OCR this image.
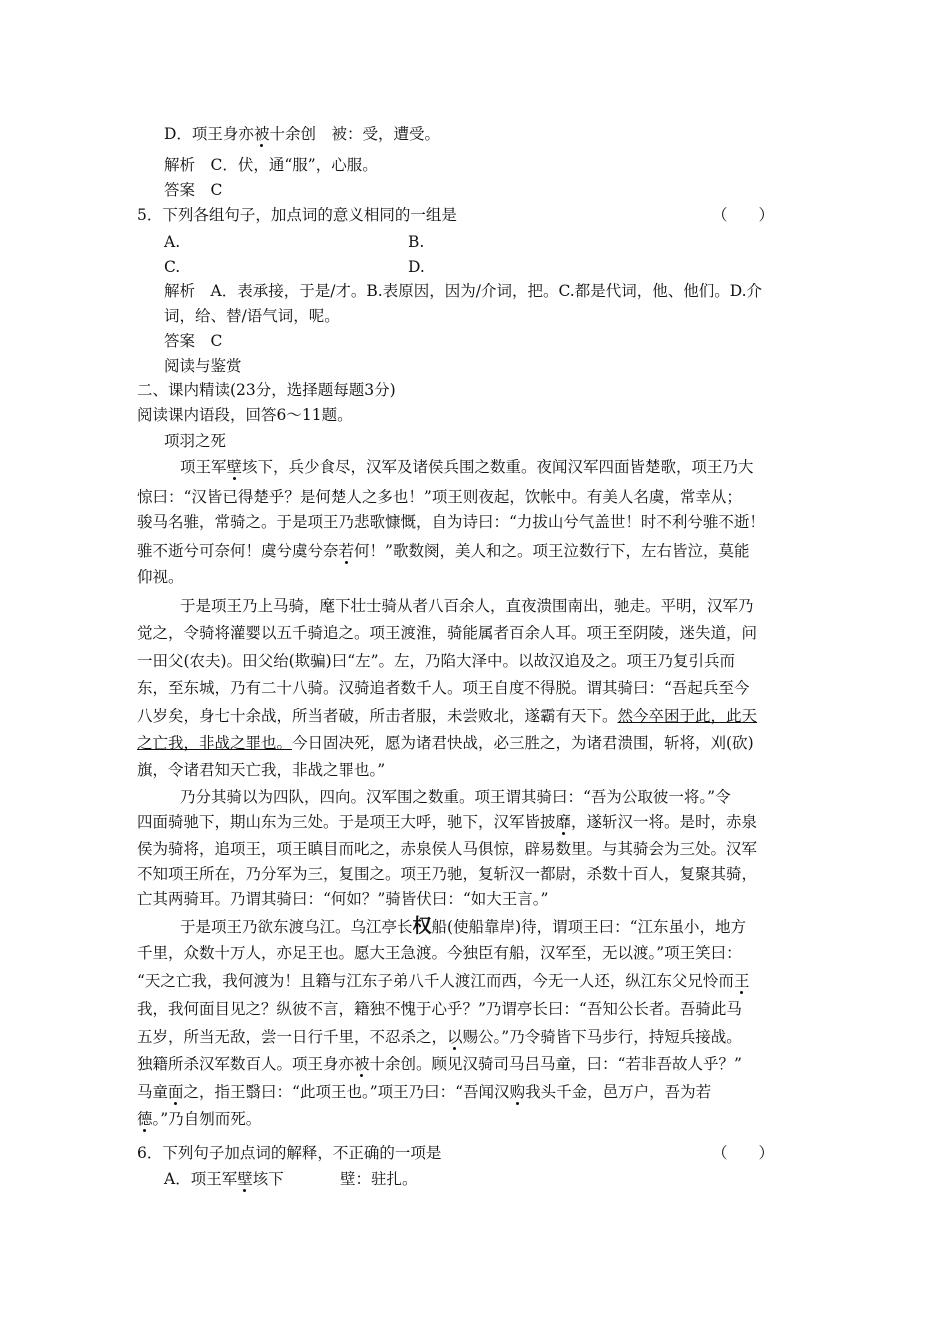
D．项王身亦被十余创　被：受，遭受。
解析　C．伏，通“服”，心服。
答案　C
5．下列各组句子，加点词的意义相同的一组是	（　　）
A.	B.
C.	D.
解析　A．表承接，于是/才。B.表原因，因为/介词，把。C.都是代词，他、他们。D.介
词，给、替/语气词，呢。
答案　C
阅读与鉴赏
二、课内精读(23分，选择题每题3分)
阅读课内语段，回答6～11题。
项羽之死
项王军壁垓下，兵少食尽，汉军及诸侯兵围之数重。夜闻汉军四面皆楚歌，项王乃大
惊曰：“汉皆已得楚乎？是何楚人之多也！”项王则夜起，饮帐中。有美人名虞，常幸从；
骏马名骓，常骑之。于是项王乃悲歌慷慨，自为诗曰：“力拔山兮气盖世！时不利兮骓不逝！
骓不逝兮可奈何！虞兮虞兮奈若何！”歌数阕，美人和之。项王泣数行下，左右皆泣，莫能
仰视。
于是项王乃上马骑，麾下壮士骑从者八百余人，直夜溃围南出，驰走。平明，汉军乃
觉之，令骑将灌婴以五千骑追之。项王渡淮，骑能属者百余人耳。项王至阴陵，迷失道，问
一田父(农夫)。田父绐(欺骗)曰“左”。左，乃陷大泽中。以故汉追及之。项王乃复引兵而
东，至东城，乃有二十八骑。汉骑追者数千人。项王自度不得脱。谓其骑曰：“吾起兵至今
八岁矣，身七十余战，所当者破，所击者服，未尝败北，遂霸有天下。然今卒困于此，此天
之亡我，非战之罪也。今日固决死，愿为诸君快战，必三胜之，为诸君溃围，斩将，刈(砍)
旗，令诸君知天亡我，非战之罪也。”
乃分其骑以为四队，四向。汉军围之数重。项王谓其骑曰：“吾为公取彼一将。”令
四面骑驰下，期山东为三处。于是项王大呼，驰下，汉军皆披靡，遂斩汉一将。是时，赤泉
侯为骑将，追项王，项王瞋目而叱之，赤泉侯人马俱惊，辟易数里。与其骑会为三处。汉军
不知项王所在，乃分军为三，复围之。项王乃驰，复斩汉一都尉，杀数十百人，复聚其骑，
亡其两骑耳。乃谓其骑曰：“何如？”骑皆伏曰：“如大王言。”
于是项王乃欲东渡乌江。乌江亭长权船(使船靠岸)待，谓项王曰：“江东虽小，地方
千里，众数十万人，亦足王也。愿大王急渡。今独臣有船，汉军至，无以渡。”项王笑曰：
“天之亡我，我何渡为！且籍与江东子弟八千人渡江而西，今无一人还，纵江东父兄怜而王
我，我何面目见之？纵彼不言，籍独不愧于心乎？”乃谓亭长曰：“吾知公长者。吾骑此马
五岁，所当无敌，尝一日行千里，不忍杀之，以赐公。”乃令骑皆下马步行，持短兵接战。
独籍所杀汉军数百人。项王身亦被十余创。顾见汉骑司马吕马童，曰：“若非吾故人乎？”
马童面之，指王翳曰：“此项王也。”项王乃曰：“吾闻汉购我头千金，邑万户，吾为若
德。”乃自刎而死。
6．下列句子加点词的解释，不正确的一项是	（　　）
A．项王军壁垓下	壁：驻扎。
